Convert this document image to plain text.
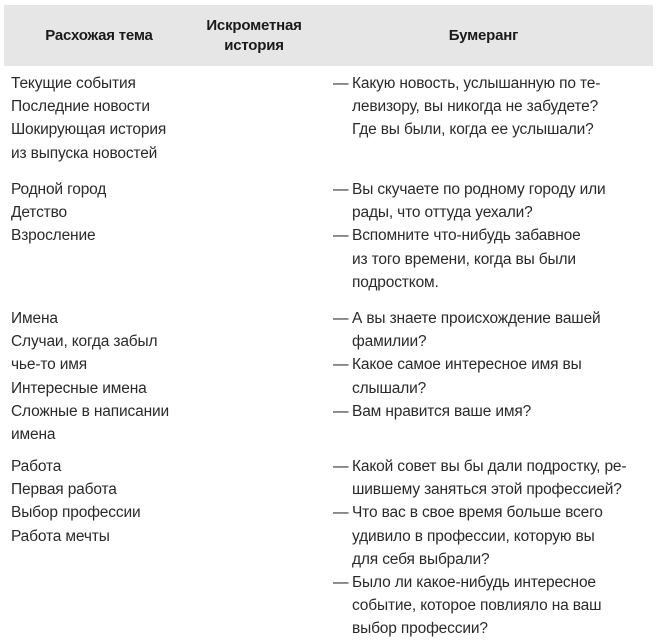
Расхожая тема
Искрометная
история
Бумеранг
Текущие события
Последние новости
Шокирующая история
из выпуска новостей
— Какую новость, услышанную по те-
левизору, вы никогда не забудете?
Где вы были, когда ее услышали?
Родной город
Детство
Взросление
— Вы скучаете по родному городу или
рады, что оттуда уехали?
— Вспомните что-нибудь забавное
из того времени, когда вы были
подростком.
Имена
Случаи, когда забыл
чье-то имя
Интересные имена
Сложные в написании
имена
— А вы знаете происхождение вашей
фамилии?
— Какое самое интересное имя вы
слышали?
— Вам нравится ваше имя?
Работа
Первая работа
Выбор профессии
Работа мечты
— Какой совет вы бы дали подростку, ре-
шившему заняться этой профессией?
— Что вас в свое время больше всего
удивило в профессии, которую вы
для себя выбрали?
— Было ли какое-нибудь интересное
событие, которое повлияло на ваш
выбор профессии?
